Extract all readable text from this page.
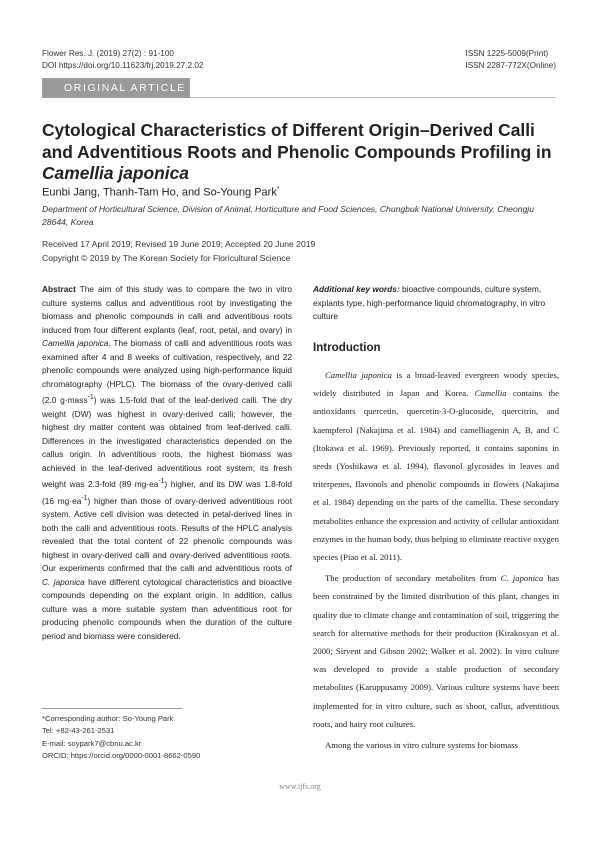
Flower Res. J. (2019) 27(2) : 91-100
DOI https://doi.org/10.11623/frj.2019.27.2.02
ISSN 1225-5009(Print)
ISSN 2287-772X(Online)
ORIGINAL ARTICLE
Cytological Characteristics of Different Origin–Derived Calli and Adventitious Roots and Phenolic Compounds Profiling in Camellia japonica
Eunbi Jang, Thanh-Tam Ho, and So-Young Park*
Department of Horticultural Science, Division of Animal, Horticulture and Food Sciences, Chungbuk National University, Cheongju 28644, Korea
Received 17 April 2019; Revised 19 June 2019; Accepted 20 June 2019
Copyright © 2019 by The Korean Society for Floricultural Science
Abstract The aim of this study was to compare the two in vitro culture systems callus and adventitious root by investigating the biomass and phenolic compounds in calli and adventitious roots induced from four different explants (leaf, root, petal, and ovary) in Camellia japonica. The biomass of calli and adventitious roots was examined after 4 and 8 weeks of cultivation, respectively, and 22 phenolic compounds were analyzed using high-performance liquid chromatography (HPLC). The biomass of the ovary-derived calli (2.0 g·mass$^{-1}$) was 1.5-fold that of the leaf-derived calli. The dry weight (DW) was highest in ovary-derived calli; however, the highest dry matter content was obtained from leaf-derived calli. Differences in the investigated characteristics depended on the callus origin. In adventitious roots, the highest biomass was achieved in the leaf-derived adventitious root system; its fresh weight was 2.3-fold (89 $mg\cdot ea^{-1}$) higher, and its DW was 1.8-fold (16 $mg\cdot ea^{-1}$) higher than those of ovary-derived adventitious root system. Active cell division was detected in petal-derived lines in both the calli and adventitious roots. Results of the HPLC analysis revealed that the total content of 22 phenolic compounds was highest in ovary-derived calli and ovary-derived adventitious roots. Our experiments confirmed that the calli and adventitious roots of C. japonica have different cytological characteristics and bioactive compounds depending on the explant origin. In addition, callus culture was a more suitable system than adventitious root for producing phenolic compounds when the duration of the culture period and biomass were considered.
Additional key words: bioactive compounds, culture system, explants type, high-performance liquid chromatography, in vitro culture
Introduction

Camellia japonica is a broad-leaved evergreen woody species, widely distributed in Japan and Korea. Camellia contains the antioxidants quercetin, quercetin-3-O-glucoside, quercitrin, and kaempferol (Nakajima et al. 1984) and camelliagenin A, B, and C (Itokawa et al. 1969). Previously reported, it contains saponins in seeds (Yoshikawa et al. 1994), flavonol glycosides in leaves and triterpenes, flavonols and phenolic compounds in flowers (Nakajima et al. 1984) depending on the parts of the camellia. These secondary metabolites enhance the expression and activity of cellular antioxidant enzymes in the human body, thus helping to eliminate reactive oxygen species (Piao et al. 2011).

The production of secondary metabolites from C. japonica has been constrained by the limited distribution of this plant, changes in quality due to climate change and contamination of soil, triggering the search for alternative methods for their production (Kirakosyan et al. 2000; Sirvent and Gibson 2002; Walker et al. 2002). In vitro culture was developed to provide a stable production of secondary metabolites (Karuppusamy 2009). Various culture systems have been implemented for in vitro culture, such as shoot, callus, adventitious roots, and hairy root cultures.

Among the various in vitro culture systems for biomass

*Corresponding author: So-Young Park
Tel: +82-43-261-2531
E-mail: soypark7@cbnu.ac.kr
ORCID: https://orcid.org/0000-0001-8662-0590
www.ijfs.org
